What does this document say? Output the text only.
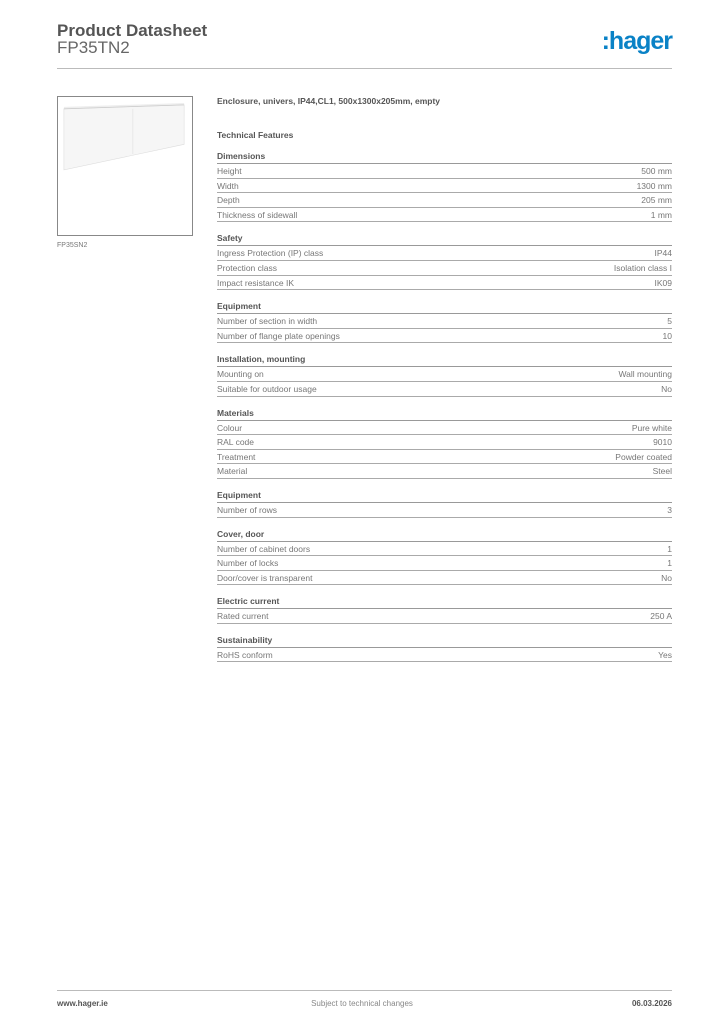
Product Datasheet
FP35TN2	:hager
FP35SN2
Enclosure, univers, IP44,CL1, 500x1300x205mm, empty
Technical Features
Dimensions
Height	500 mm
Width	1300 mm
Depth	205 mm
Thickness of sidewall	1 mm
Safety
Ingress Protection (IP) class	IP44
Protection class	Isolation class I
Impact resistance IK	IK09
Equipment
Number of section in width	5
Number of flange plate openings	10
Installation, mounting
Mounting on	Wall mounting
Suitable for outdoor usage	No
Materials
Colour	Pure white
RAL code	9010
Treatment	Powder coated
Material	Steel
Equipment
Number of rows	3
Cover, door
Number of cabinet doors	1
Number of locks	1
Door/cover is transparent	No
Electric current
Rated current	250 A
Sustainability
RoHS conform	Yes
www.hager.ie	Subject to technical changes	06.03.2026
